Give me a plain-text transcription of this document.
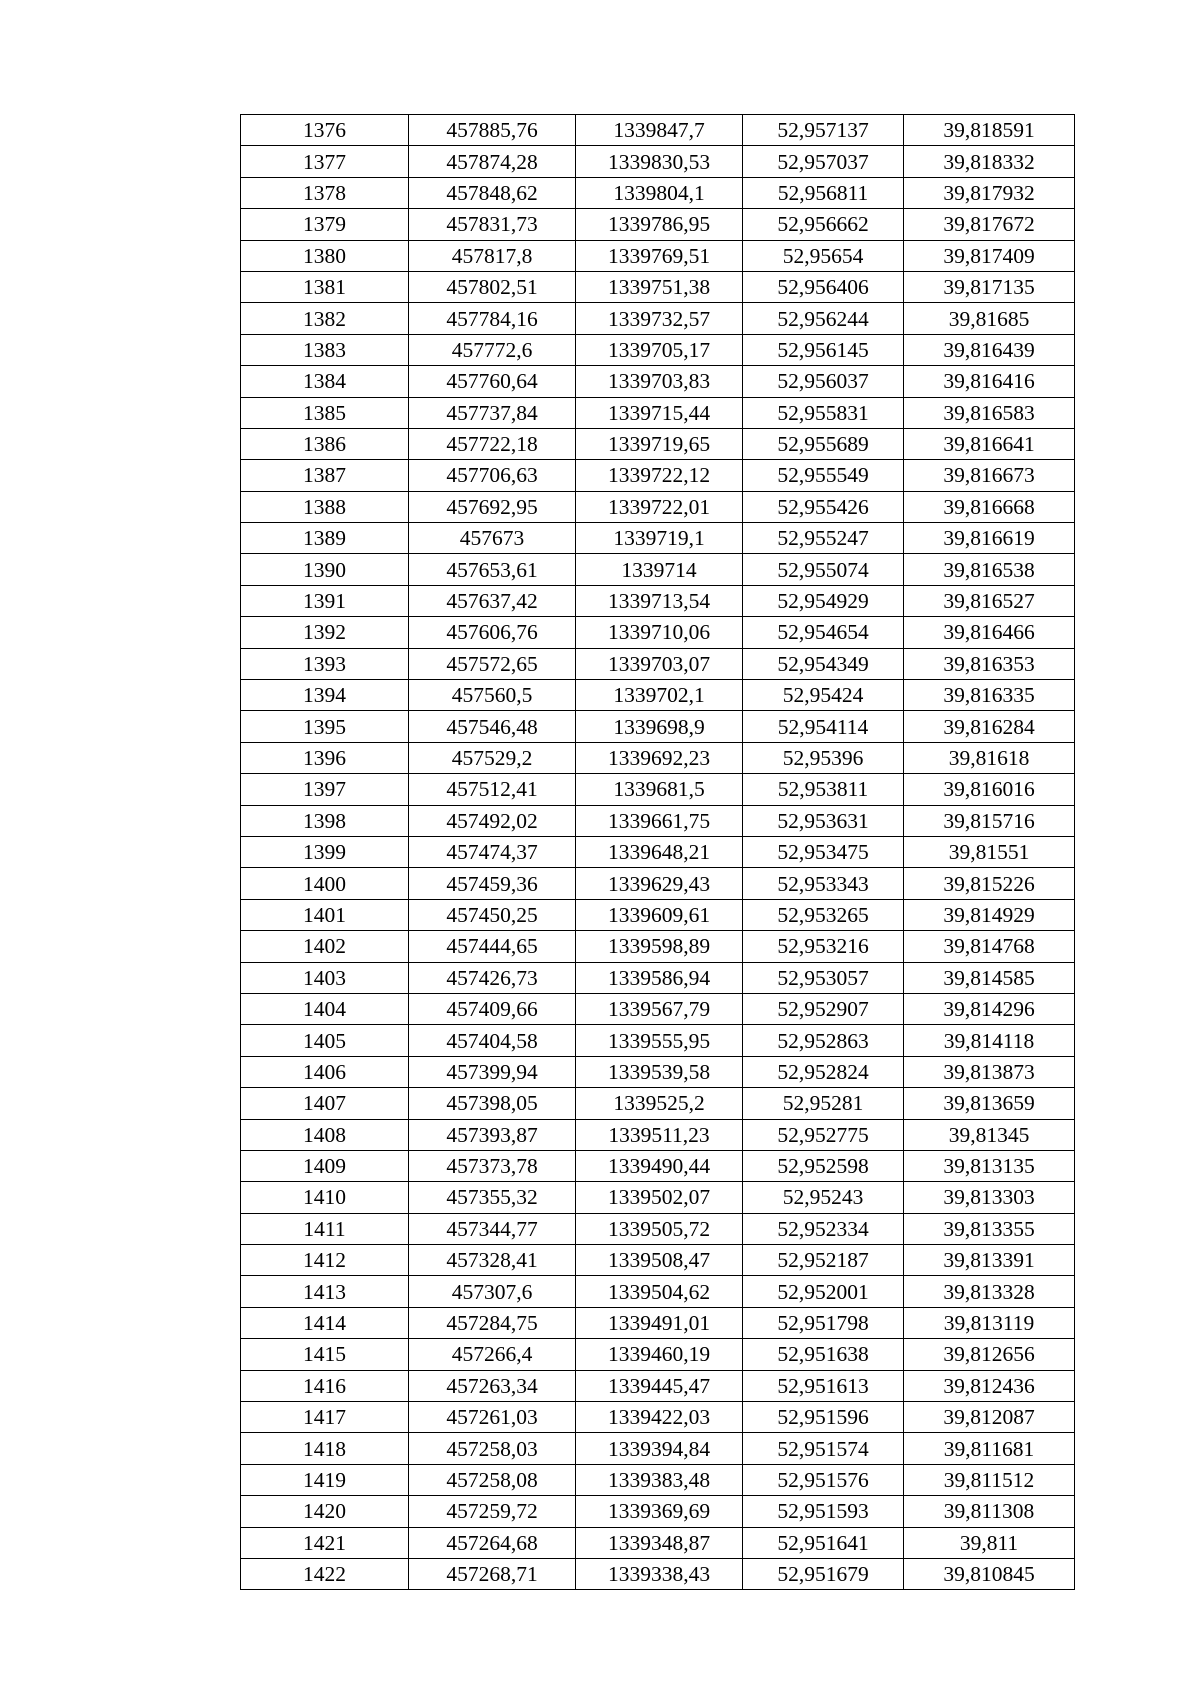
1376	457885,76	1339847,7	52,957137	39,818591
1377	457874,28	1339830,53	52,957037	39,818332
1378	457848,62	1339804,1	52,956811	39,817932
1379	457831,73	1339786,95	52,956662	39,817672
1380	457817,8	1339769,51	52,95654	39,817409
1381	457802,51	1339751,38	52,956406	39,817135
1382	457784,16	1339732,57	52,956244	39,81685
1383	457772,6	1339705,17	52,956145	39,816439
1384	457760,64	1339703,83	52,956037	39,816416
1385	457737,84	1339715,44	52,955831	39,816583
1386	457722,18	1339719,65	52,955689	39,816641
1387	457706,63	1339722,12	52,955549	39,816673
1388	457692,95	1339722,01	52,955426	39,816668
1389	457673	1339719,1	52,955247	39,816619
1390	457653,61	1339714	52,955074	39,816538
1391	457637,42	1339713,54	52,954929	39,816527
1392	457606,76	1339710,06	52,954654	39,816466
1393	457572,65	1339703,07	52,954349	39,816353
1394	457560,5	1339702,1	52,95424	39,816335
1395	457546,48	1339698,9	52,954114	39,816284
1396	457529,2	1339692,23	52,95396	39,81618
1397	457512,41	1339681,5	52,953811	39,816016
1398	457492,02	1339661,75	52,953631	39,815716
1399	457474,37	1339648,21	52,953475	39,81551
1400	457459,36	1339629,43	52,953343	39,815226
1401	457450,25	1339609,61	52,953265	39,814929
1402	457444,65	1339598,89	52,953216	39,814768
1403	457426,73	1339586,94	52,953057	39,814585
1404	457409,66	1339567,79	52,952907	39,814296
1405	457404,58	1339555,95	52,952863	39,814118
1406	457399,94	1339539,58	52,952824	39,813873
1407	457398,05	1339525,2	52,95281	39,813659
1408	457393,87	1339511,23	52,952775	39,81345
1409	457373,78	1339490,44	52,952598	39,813135
1410	457355,32	1339502,07	52,95243	39,813303
1411	457344,77	1339505,72	52,952334	39,813355
1412	457328,41	1339508,47	52,952187	39,813391
1413	457307,6	1339504,62	52,952001	39,813328
1414	457284,75	1339491,01	52,951798	39,813119
1415	457266,4	1339460,19	52,951638	39,812656
1416	457263,34	1339445,47	52,951613	39,812436
1417	457261,03	1339422,03	52,951596	39,812087
1418	457258,03	1339394,84	52,951574	39,811681
1419	457258,08	1339383,48	52,951576	39,811512
1420	457259,72	1339369,69	52,951593	39,811308
1421	457264,68	1339348,87	52,951641	39,811
1422	457268,71	1339338,43	52,951679	39,810845
